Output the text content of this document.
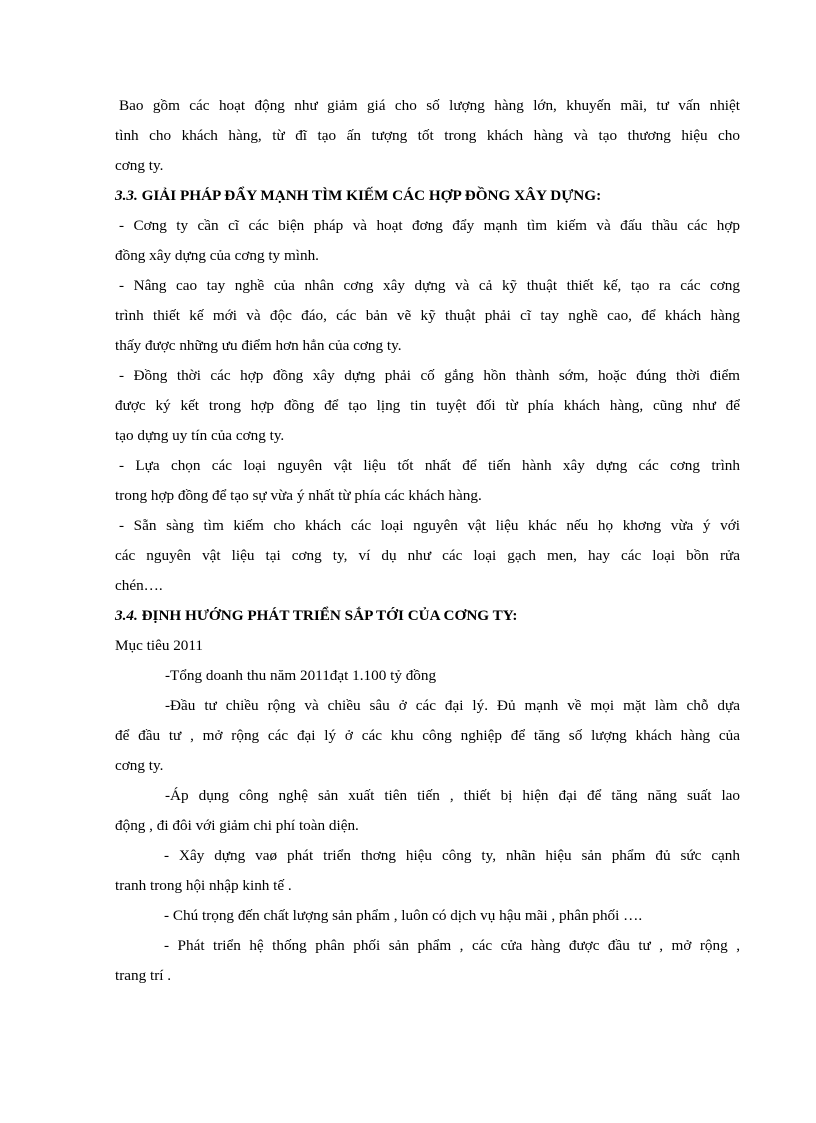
Bao gồm các hoạt động như giảm giá cho số lượng hàng lớn, khuyến mãi, tư vấn nhiệt
tình cho khách hàng, từ đĩ tạo ấn tượng tốt trong khách hàng và tạo thương hiệu cho
cơng ty.
3.3. GIẢI PHÁP ĐẨY MẠNH TÌM KIẾM CÁC HỢP ĐỒNG XÂY DỰNG:
- Cơng ty cần cĩ các biện pháp và hoạt đơng đẩy mạnh tìm kiếm và đấu thầu các hợp
đồng xây dựng của cơng ty mình.
- Nâng cao tay nghề của nhân cơng xây dựng và cả kỹ thuật thiết kế, tạo ra các cơng
trình thiết kế mới và độc đáo, các bản vẽ kỹ thuật phải cĩ tay nghề cao, để khách hàng
thấy được những ưu điểm hơn hẳn của cơng ty.
- Đồng thời các hợp đồng xây dựng phải cố gắng hồn thành sớm, hoặc đúng thời điểm
được ký kết trong hợp đồng để tạo lịng tin tuyệt đối từ phía khách hàng, cũng như để
tạo dựng uy tín của cơng ty.
- Lựa chọn các loại nguyên vật liệu tốt nhất để tiến hành xây dựng các cơng trình
trong hợp đồng để tạo sự vừa ý nhất từ phía các khách hàng.
- Sẵn sàng tìm kiếm cho khách các loại nguyên vật liệu khác nếu họ khơng vừa ý với
các nguyên vật liệu tại cơng ty, ví dụ như các loại gạch men, hay các loại bồn rửa
chén….
3.4. ĐỊNH HƯỚNG PHÁT TRIỂN SẮP TỚI CỦA CƠNG TY:
Mục tiêu 2011
-Tổng doanh thu năm 2011đạt 1.100 tỷ đồng
-Đầu tư chiều rộng và chiều sâu ở các đại lý. Đủ mạnh về mọi mặt làm chỗ dựa
để đầu tư , mở rộng các đại lý ở các khu công nghiệp để tăng số lượng khách hàng của
cơng ty.
-Áp dụng công nghệ sản xuất tiên tiến , thiết bị hiện đại để tăng năng suất lao
động , đi đôi với giảm chi phí toàn diện.
- Xây dựng vaø phát triển thơng hiệu công ty, nhãn hiệu sản phẩm đủ sức cạnh
tranh trong hội nhập kinh tế .
- Chú trọng đến chất lượng sản phẩm , luôn có dịch vụ hậu mãi , phân phối ….
- Phát triển hệ thống phân phối sản phẩm , các cửa hàng được đầu tư , mở rộng ,
trang trí .
